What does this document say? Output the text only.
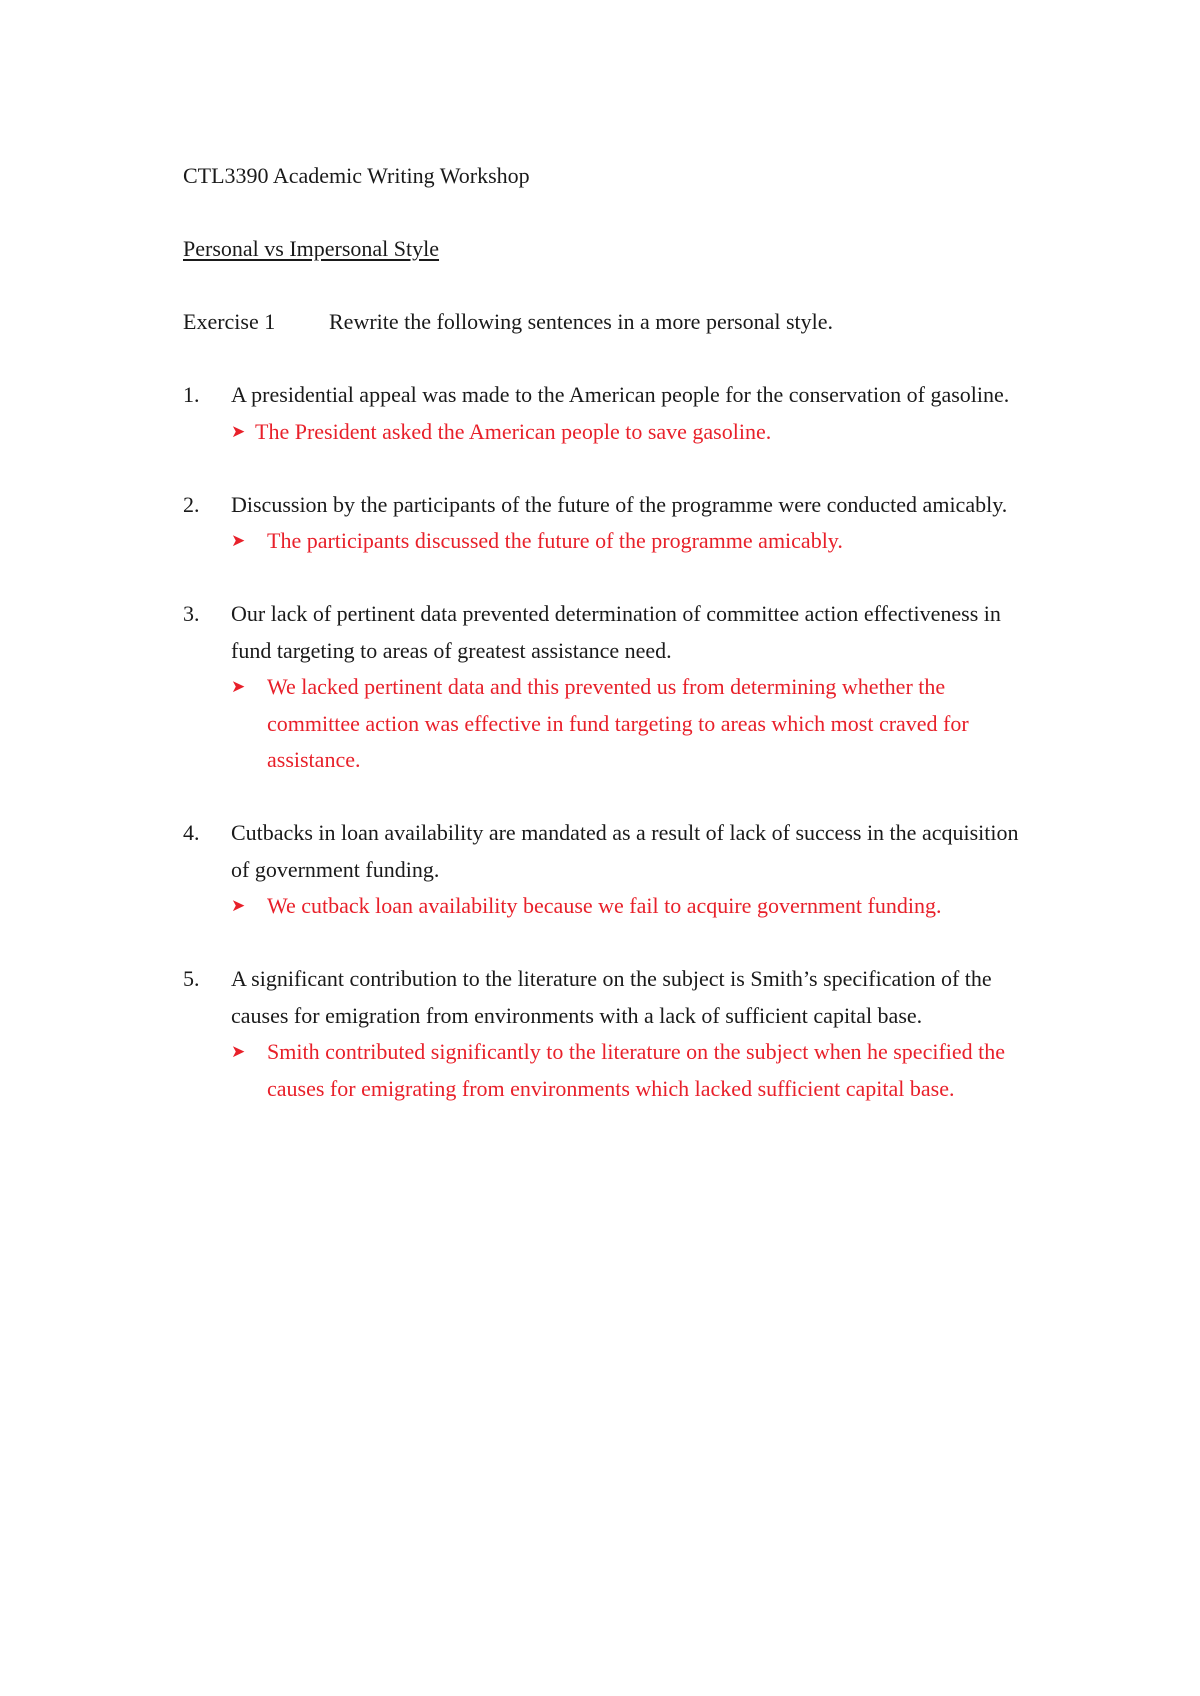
CTL3390 Academic Writing Workshop

Personal vs Impersonal Style

Exercise 1	Rewrite the following sentences in a more personal style.
1.	A presidential appeal was made to the American people for the conservation of gasoline.

➤ The President asked the American people to save gasoline.
2.	Discussion by the participants of the future of the programme were conducted amicably.

➤ The participants discussed the future of the programme amicably.
3.	Our lack of pertinent data prevented determination of committee action effectiveness in fund targeting to areas of greatest assistance need.

➤ We lacked pertinent data and this prevented us from determining whether the committee action was effective in fund targeting to areas which most craved for assistance.
4.	Cutbacks in loan availability are mandated as a result of lack of success in the acquisition of government funding.

➤ We cutback loan availability because we fail to acquire government funding.
5.	A significant contribution to the literature on the subject is Smith’s specification of the causes for emigration from environments with a lack of sufficient capital base.

➤ Smith contributed significantly to the literature on the subject when he specified the causes for emigrating from environments which lacked sufficient capital base.
